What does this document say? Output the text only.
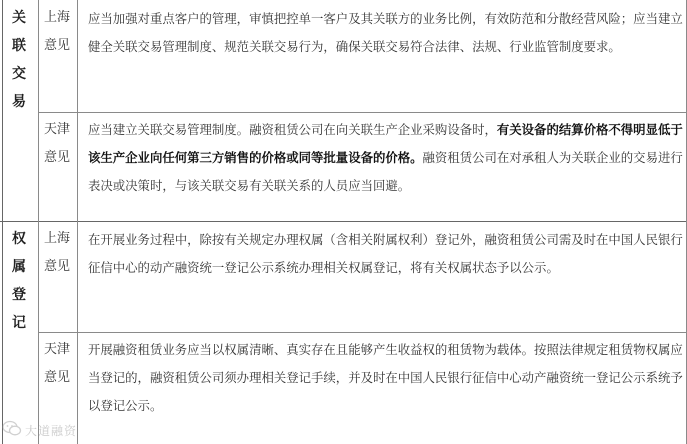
关联交易
上海意见
应当加强对重点客户的管理，审慎把控单一客户及其关联方的业务比例，有效防范和分散经营风险；应当建立健全关联交易管理制度、规范关联交易行为，确保关联交易符合法律、法规、行业监管制度要求。
天津意见
应当建立关联交易管理制度。融资租赁公司在向关联生产企业采购设备时，有关设备的结算价格不得明显低于该生产企业向任何第三方销售的价格或同等批量设备的价格。融资租赁公司在对承租人为关联企业的交易进行表决或决策时，与该关联交易有关联关系的人员应当回避。
权属登记
上海意见
在开展业务过程中，除按有关规定办理权属（含相关附属权利）登记外，融资租赁公司需及时在中国人民银行征信中心的动产融资统一登记公示系统办理相关权属登记，将有关权属状态予以公示。
天津意见
开展融资租赁业务应当以权属清晰、真实存在且能够产生收益权的租赁物为载体。按照法律规定租赁物权属应当登记的，融资租赁公司须办理相关登记手续，并及时在中国人民银行征信中心动产融资统一登记公示系统予以登记公示。
大道融资
